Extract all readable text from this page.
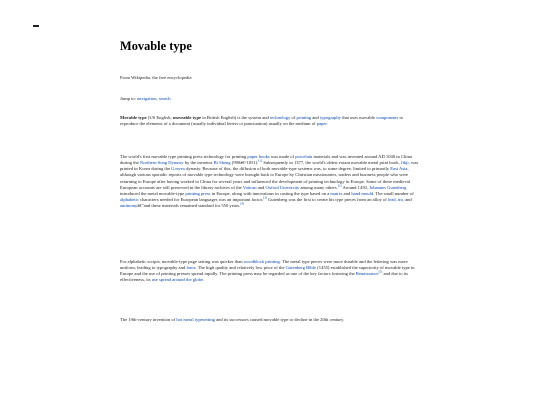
Movable type
From Wikipedia, the free encyclopedia
Jump to: navigation, search

Movable type (US English; moveable type in British English) is the system and technology of printing and typography that uses movable components to reproduce the elements of a document (usually individual letters or punctuation) usually on the medium of paper.

The world's first movable type printing press technology for printing paper books was made of porcelain materials and was invented around AD 1040 in China during the Northern Song Dynasty by the inventor Bi Sheng (990â€“1051).[1] Subsequently in 1377, the world's oldest extant movable metal print book, Jikji, was printed in Korea during the Goryeo dynasty. Because of this, the diffusion of both movable-type systems was, to some degree, limited to primarily East Asia, although various sporadic reports of movable type technology were brought back to Europe by Christian missionaries, traders and business people who were returning to Europe after having worked in China for several years and influenced the development of printing technology in Europe. Some of these medieval European accounts are still preserved in the library archives of the Vatican and Oxford University among many others.[2] Around 1450, Johannes Gutenberg introduced the metal movable-type printing press in Europe, along with innovations in casting the type based on a matrix and hand mould. The small number of alphabetic characters needed for European languages was an important factor.[3] Gutenberg was the first to create his type pieces from an alloy of lead, tin, and antimonyâ€"and these materials remained standard for 550 years.[4]

For alphabetic scripts, movable-type page setting was quicker than woodblock printing. The metal type pieces were more durable and the lettering was more uniform, leading to typography and fonts. The high quality and relatively low price of the Gutenberg Bible (1455) established the superiority of movable type in Europe and the use of printing presses spread rapidly. The printing press may be regarded as one of the key factors fostering the Renaissance[5] and due to its effectiveness, its use spread around the globe.

The 19th-century invention of hot metal typesetting and its successors caused movable type to decline in the 20th century.
